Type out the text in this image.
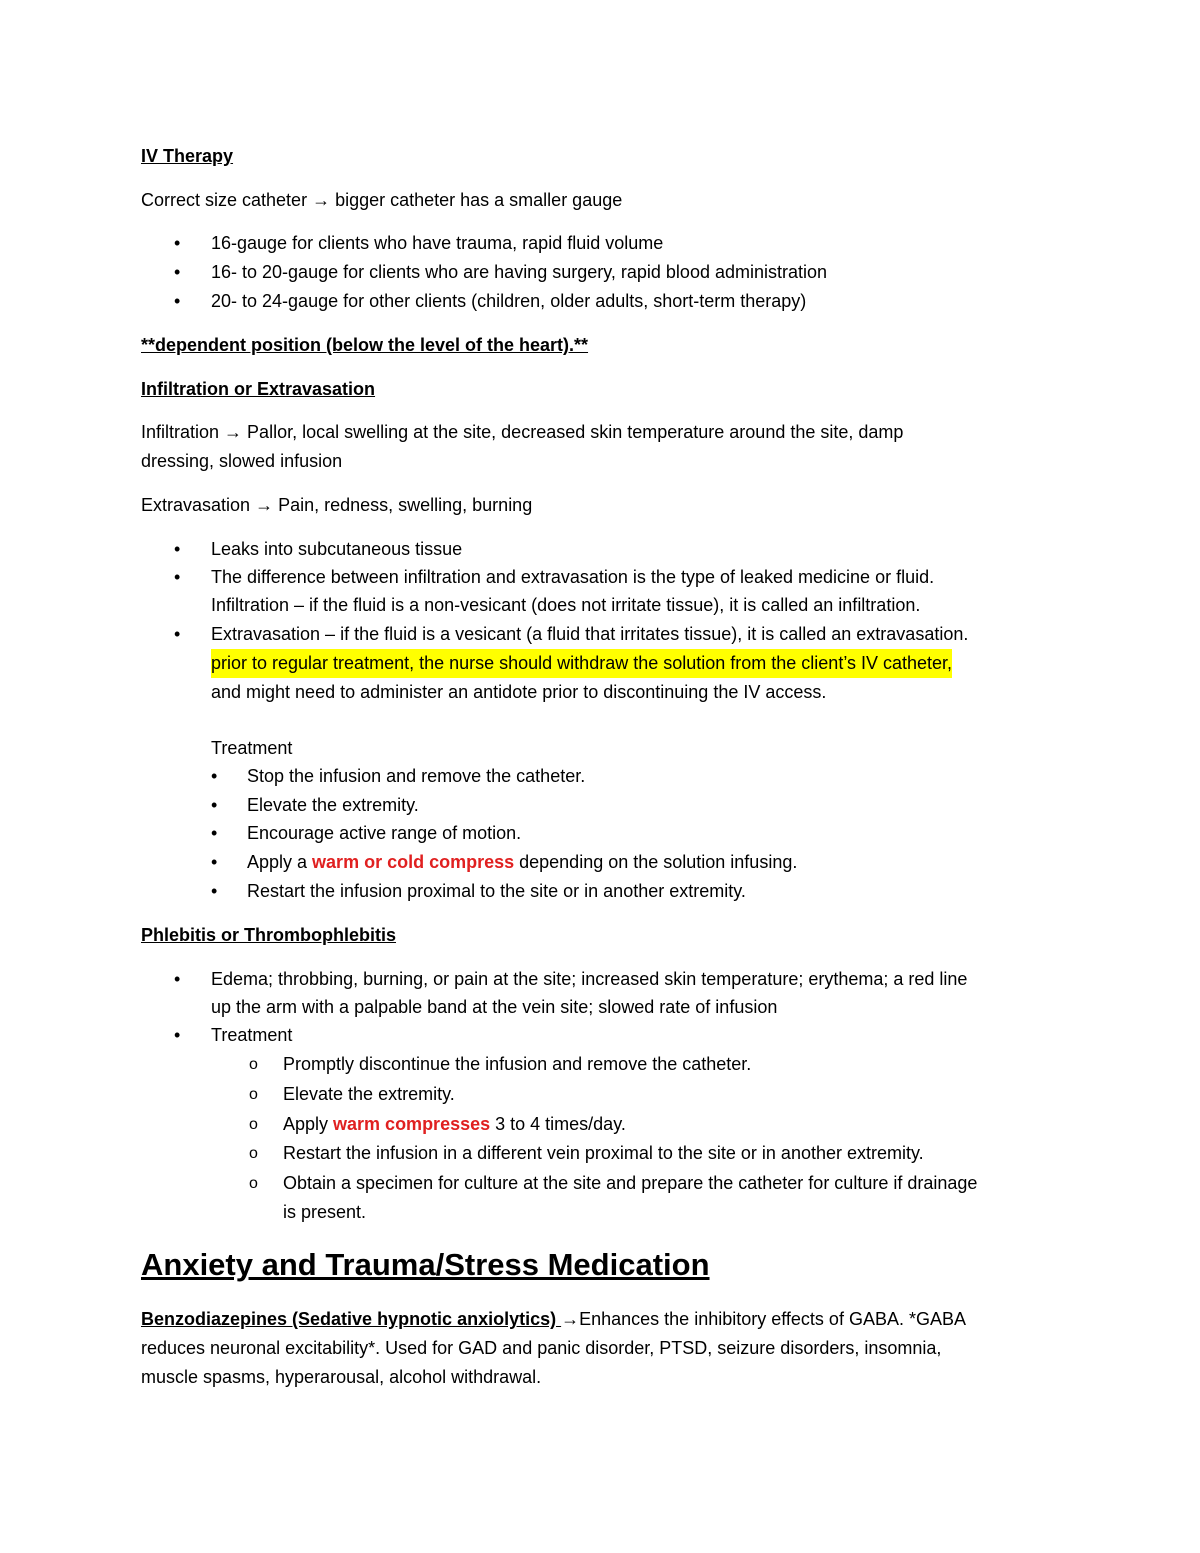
IV Therapy

Correct size catheter → bigger catheter has a smaller gauge

• 16-gauge for clients who have trauma, rapid fluid volume
• 16- to 20-gauge for clients who are having surgery, rapid blood administration
• 20- to 24-gauge for other clients (children, older adults, short-term therapy)

**dependent position (below the level of the heart).**

Infiltration or Extravasation

Infiltration → Pallor, local swelling at the site, decreased skin temperature around the site, damp

dressing, slowed infusion

Extravasation → Pain, redness, swelling, burning

• Leaks into subcutaneous tissue
• The difference between infiltration and extravasation is the type of leaked medicine or fluid.
Infiltration – if the fluid is a non-vesicant (does not irritate tissue), it is called an infiltration.
• Extravasation – if the fluid is a vesicant (a fluid that irritates tissue), it is called an extravasation.
prior to regular treatment, the nurse should withdraw the solution from the client’s IV catheter,
and might need to administer an antidote prior to discontinuing the IV access.
Treatment
• Stop the infusion and remove the catheter.
• Elevate the extremity.
• Encourage active range of motion.
• Apply a warm or cold compress depending on the solution infusing.
• Restart the infusion proximal to the site or in another extremity.

Phlebitis or Thrombophlebitis

• Edema; throbbing, burning, or pain at the site; increased skin temperature; erythema; a red line
up the arm with a palpable band at the vein site; slowed rate of infusion
• Treatment
o Promptly discontinue the infusion and remove the catheter.
o Elevate the extremity.
o Apply warm compresses 3 to 4 times/day.
o Restart the infusion in a different vein proximal to the site or in another extremity.
o Obtain a specimen for culture at the site and prepare the catheter for culture if drainage
is present.
Anxiety and Trauma/Stress Medication

Benzodiazepines (Sedative hypnotic anxiolytics) →Enhances the inhibitory effects of GABA. *GABA

reduces neuronal excitability*. Used for GAD and panic disorder, PTSD, seizure disorders, insomnia,

muscle spasms, hyperarousal, alcohol withdrawal.
